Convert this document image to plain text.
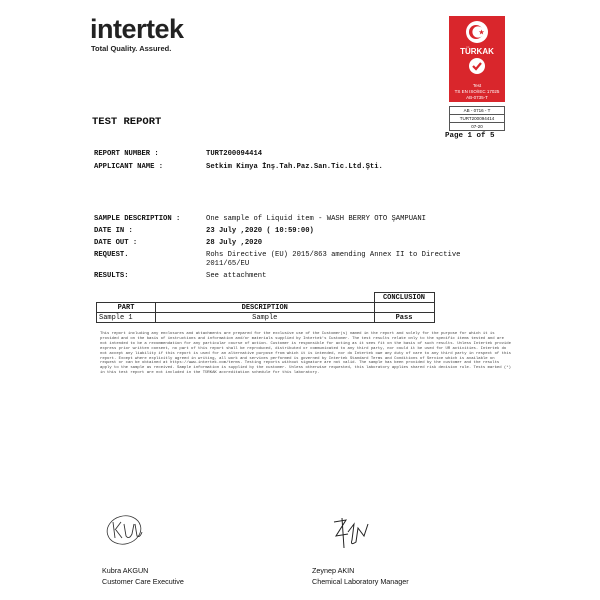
intertek
Total Quality. Assured.	TÜRKAK
Test
TS EN ISO/IEC 17025
AB-0735-T
AB - 0716 - T
TURT200094414
07-20
TEST REPORT
Page 1 of 5
REPORT NUMBER :	TURT200094414
APPLICANT NAME :	Setkim Kimya İnş.Tah.Paz.San.Tic.Ltd.Şti.
SAMPLE DESCRIPTION :	One sample of Liquid item - WASH BERRY OTO ŞAMPUANI
DATE IN :	23 July ,2020 ( 10:59:00)
DATE OUT :	28 July ,2020
REQUEST.	Rohs Directive (EU) 2015/863 amending Annex II to Directive
2011/65/EU
RESULTS:	See attachment
		CONCLUSION
PART	DESCRIPTION	
Sample 1	Sample	Pass
This report including any enclosures and attachments are prepared for the exclusive use of the Customer(s) named in the report and solely for the purpose for which it is provided and on the basis of instructions and information and/or materials supplied by Intertek's Customer. The test results relate only to the specific items tested and are not intended to be a recommendation for any particular course of action. Customer is responsible for acting as it sees fit on the basis of such results. Unless Intertek provide express prior written consent, no part of this report shall be reproduced, distributed or communicated to any third party, nor could it be used for UR activities. Intertek do not accept any liability if this report is used for an alternative purpose from which it is intended, nor do Intertek owe any duty of care to any third party in respect of this report. Except where explicitly agreed in writing, all work and services performed is governed by Intertek Standard Terms and Conditions of Service which is available on request or can be obtained at https://www.intertek.com/terms. Testing reports without signature are not valid. The sample has been provided by the customer and the results apply to the sample as received. Sample information is supplied by the customer. Unless otherwise requested, this laboratory applies shared risk decision rule. Tests marked (*) in this test report are not included in the TÜRKAK accreditation schedule for this laboratory.
Kubra AKGUN
Customer Care Executive
Zeynep AKIN
Chemical Laboratory Manager
